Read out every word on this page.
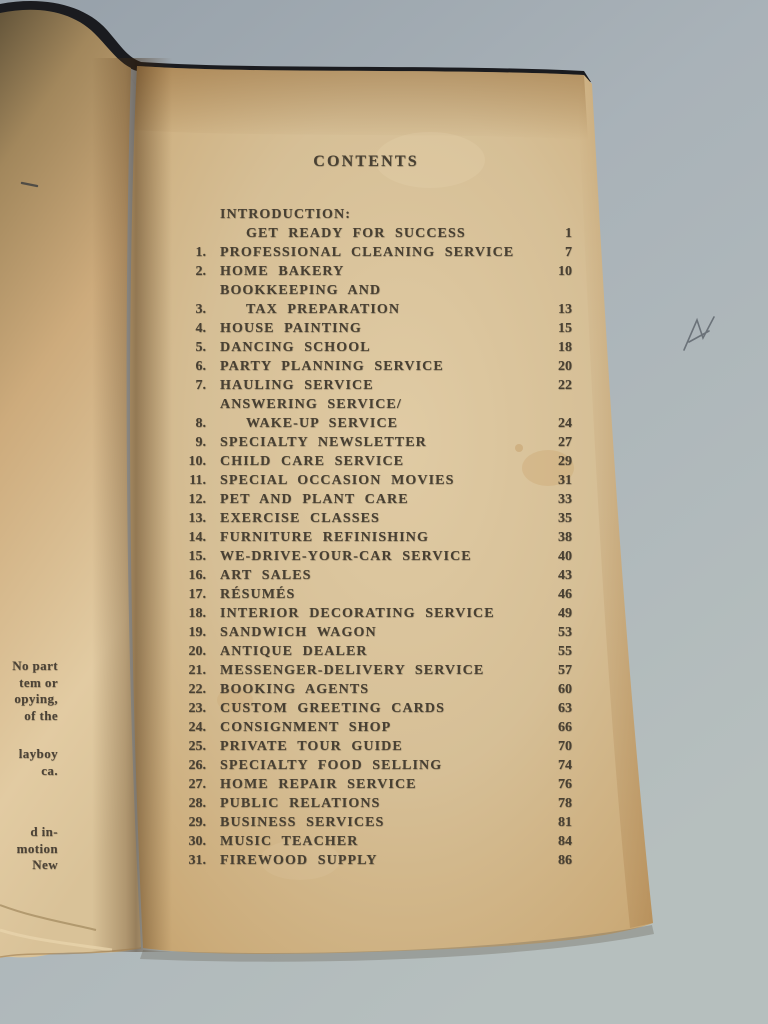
No part
tem or
opying,
of the
layboy
ca.
d in-
motion
New
CONTENTS
INTRODUCTION:
GET READY FOR SUCCESS	1
1. PROFESSIONAL CLEANING SERVICE	7
2. HOME BAKERY	10
3.
BOOKKEEPING AND
TAX PREPARATION	13
4. HOUSE PAINTING	15
5. DANCING SCHOOL	18
6. PARTY PLANNING SERVICE	20
7. HAULING SERVICE	22
8.
ANSWERING SERVICE/
WAKE-UP SERVICE	24
9. SPECIALTY NEWSLETTER	27
10. CHILD CARE SERVICE	29
11. SPECIAL OCCASION MOVIES	31
12. PET AND PLANT CARE	33
13. EXERCISE CLASSES	35
14. FURNITURE REFINISHING	38
15. WE-DRIVE-YOUR-CAR SERVICE	40
16. ART SALES	43
17. RÉSUMÉS	46
18. INTERIOR DECORATING SERVICE	49
19. SANDWICH WAGON	53
20. ANTIQUE DEALER	55
21. MESSENGER-DELIVERY SERVICE	57
22. BOOKING AGENTS	60
23. CUSTOM GREETING CARDS	63
24. CONSIGNMENT SHOP	66
25. PRIVATE TOUR GUIDE	70
26. SPECIALTY FOOD SELLING	74
27. HOME REPAIR SERVICE	76
28. PUBLIC RELATIONS	78
29. BUSINESS SERVICES	81
30. MUSIC TEACHER	84
31. FIREWOOD SUPPLY	86
